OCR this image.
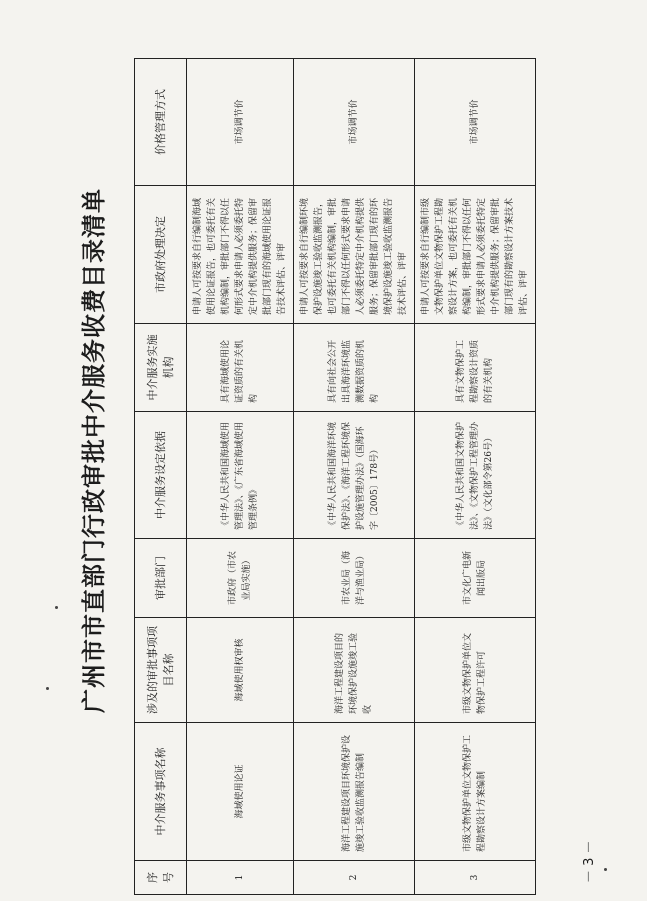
广州市市直部门行政审批中介服务收费目录清单
序号	中介服务事项名称	涉及的审批事项项目名称	审批部门	中介服务设定依据	中介服务实施机构	市政府处理决定	价格管理方式
1	海域使用论证	海域使用权审核	市政府（市农业局实施）	《中华人民共和国海域使用管理法》、《广东省海域使用管理条例》	具有海域使用论证资质的有关机构	申请人可按要求自行编制海域使用论证报告，也可委托有关机构编制，审批部门不得以任何形式要求申请人必须委托特定中介机构提供服务；保留审批部门现有的海域使用论证报告技术评估、评审	市场调节价
2	海洋工程建设项目环境保护设施竣工验收监测报告编制	海洋工程建设项目的环境保护设施竣工验收	市农业局（海洋与渔业局）	《中华人民共和国海洋环境保护法》、《海洋工程环境保护设施管理办法》（国海环字〔2005〕178号）	具有向社会公开出具海洋环境监测数据资质的机构	申请人可按要求自行编制环境保护设施竣工验收监测报告，也可委托有关机构编制，审批部门不得以任何形式要求申请人必须委托特定中介机构提供服务；保留审批部门现有的环境保护设施竣工验收监测报告技术评估、评审	市场调节价
3	市级文物保护单位文物保护工程勘察设计方案编制	市级文物保护单位文物保护工程许可	市文化广电新闻出版局	《中华人民共和国文物保护法》、《文物保护工程管理办法》（文化部令第26号）	具有文物保护工程勘察设计资质的有关机构	申请人可按要求自行编制市级文物保护单位文物保护工程勘察设计方案，也可委托有关机构编制，审批部门不得以任何形式要求申请人必须委托特定中介机构提供服务；保留审批部门现有的勘察设计方案技术评估、评审	市场调节价
－ 3 －
